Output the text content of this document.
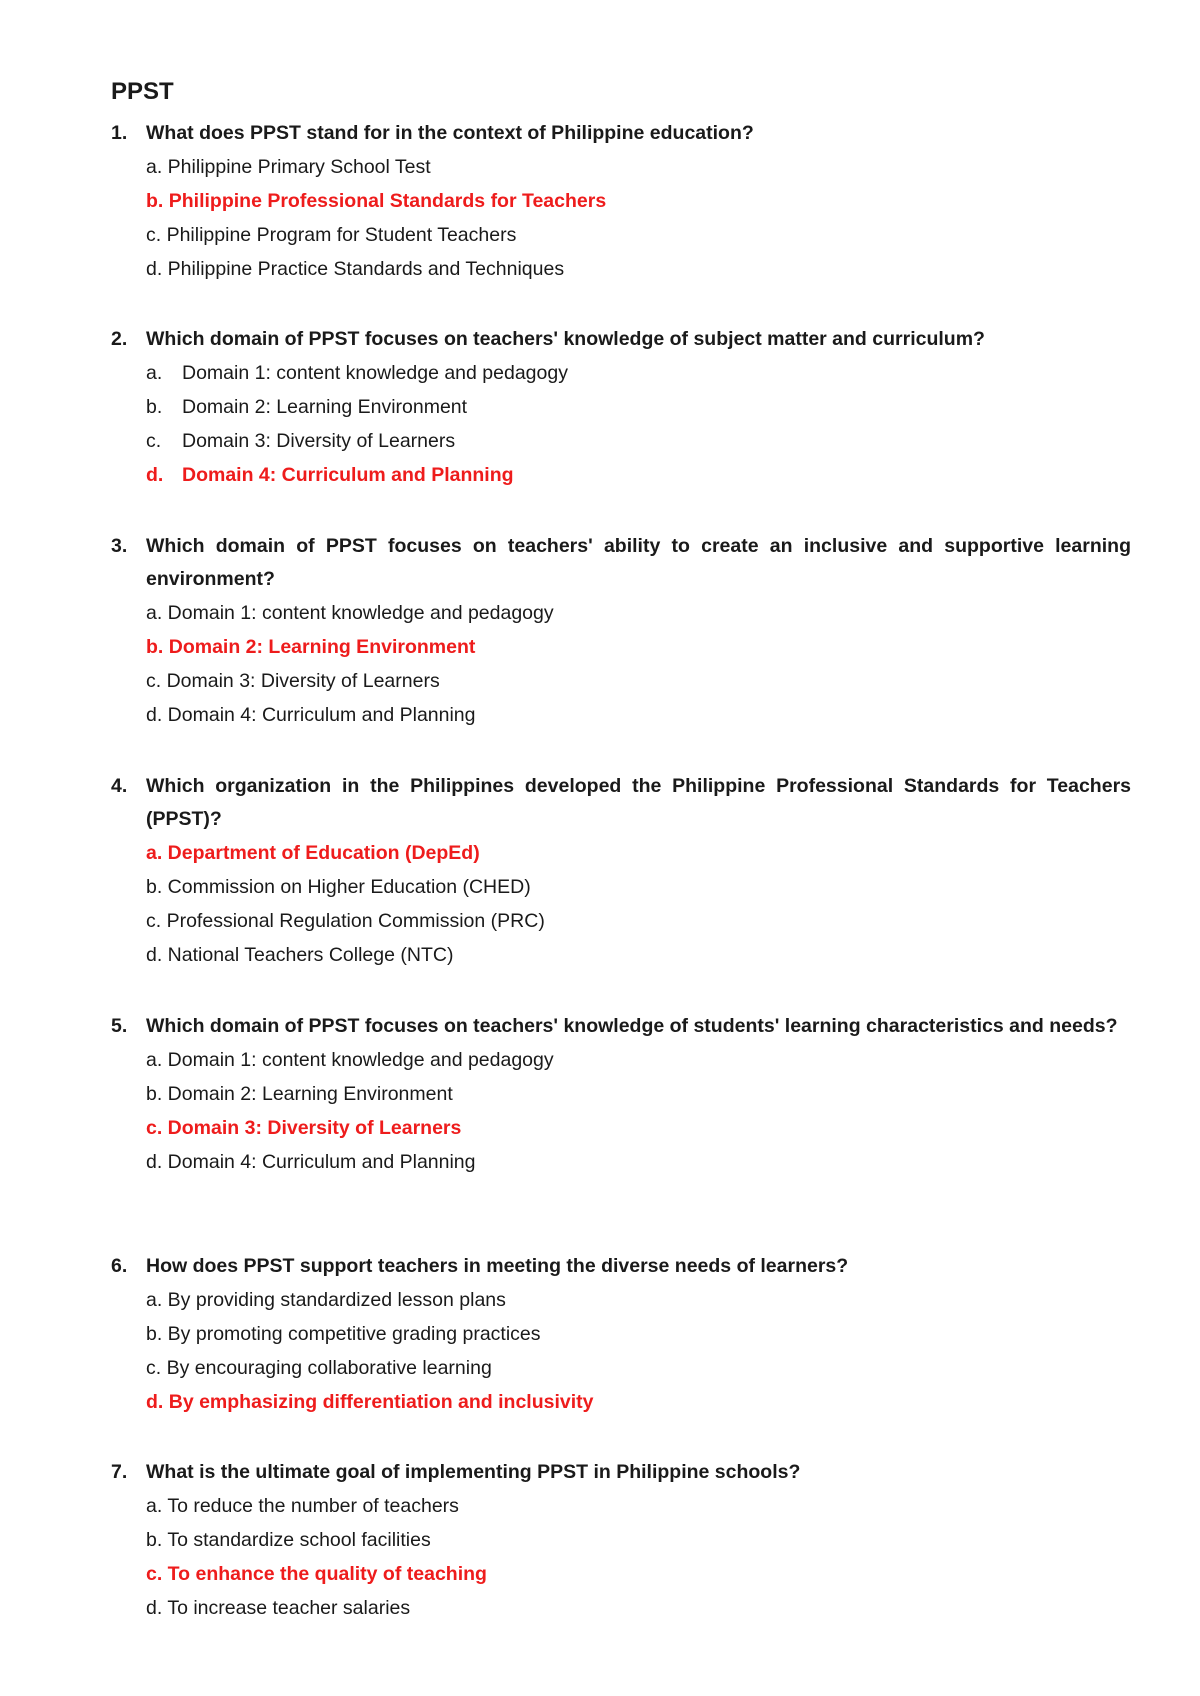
PPST
1. What does PPST stand for in the context of Philippine education?
a. Philippine Primary School Test
b. Philippine Professional Standards for Teachers
c. Philippine Program for Student Teachers
d. Philippine Practice Standards and Techniques
2. Which domain of PPST focuses on teachers' knowledge of subject matter and curriculum?
a. Domain 1: content knowledge and pedagogy
b. Domain 2: Learning Environment
c. Domain 3: Diversity of Learners
d. Domain 4: Curriculum and Planning
3. Which domain of PPST focuses on teachers' ability to create an inclusive and supportive learning environment?
a. Domain 1: content knowledge and pedagogy
b. Domain 2: Learning Environment
c. Domain 3: Diversity of Learners
d. Domain 4: Curriculum and Planning
4. Which organization in the Philippines developed the Philippine Professional Standards for Teachers (PPST)?
a. Department of Education (DepEd)
b. Commission on Higher Education (CHED)
c. Professional Regulation Commission (PRC)
d. National Teachers College (NTC)
5. Which domain of PPST focuses on teachers' knowledge of students' learning characteristics and needs?
a. Domain 1: content knowledge and pedagogy
b. Domain 2: Learning Environment
c. Domain 3: Diversity of Learners
d. Domain 4: Curriculum and Planning
6. How does PPST support teachers in meeting the diverse needs of learners?
a. By providing standardized lesson plans
b. By promoting competitive grading practices
c. By encouraging collaborative learning
d. By emphasizing differentiation and inclusivity
7. What is the ultimate goal of implementing PPST in Philippine schools?
a. To reduce the number of teachers
b. To standardize school facilities
c. To enhance the quality of teaching
d. To increase teacher salaries
